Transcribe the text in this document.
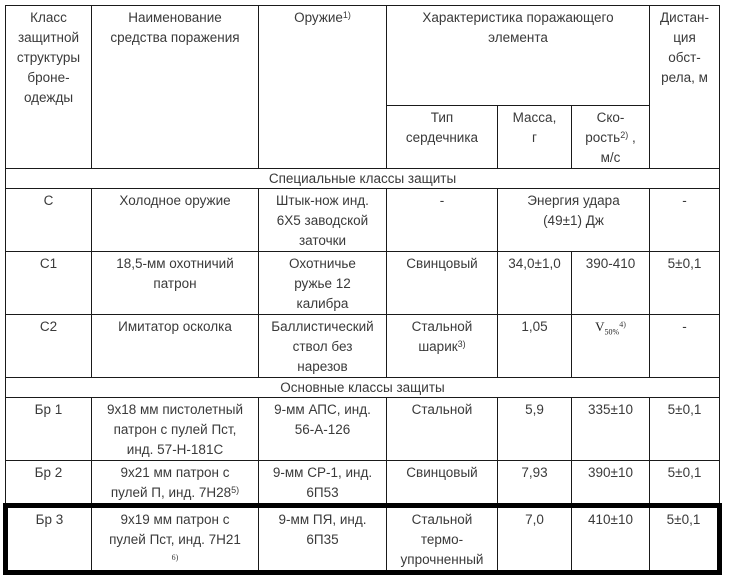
Класс
защитной
структуры
броне-
одежды	Наименование
средства поражения	Оружие$^{1)}$	Характеристика поражающего
элемента			Дистан-
ция
обст-
рела, м
			Тип
сердечника	Масса,
г	Ско-
рость$^{2)}$ ,
м/с	
Специальные классы защиты						
С	Холодное оружие	Штык-нож инд.
6Х5 заводской
заточки	-	Энергия удара
(49±1) Дж		-
С1	18,5-мм охотничий
патрон	Охотничье
ружье 12
калибра	Свинцовый	34,0±1,0	390-410	5±0,1
С2	Имитатор осколка	Баллистический
ствол без
нарезов	Стальной
шарик$^{3)}$	1,05	$V_{50\%}^{4)}$	-
Основные классы защиты						
Бр 1	9х18 мм пистолетный
патрон с пулей Пст,
инд. 57-Н-181С	9-мм АПС, инд.
56-А-126	Стальной	5,9	335±10	5±0,1
Бр 2	9х21 мм патрон с
пулей П, инд. 7Н28$^{5)}$	9-мм СР-1, инд.
6П53	Свинцовый	7,93	390±10	5±0,1
Бр 3	9х19 мм патрон с
пулей Пст, инд. 7Н21
$^{6)}$	9-мм ПЯ, инд.
6П35	Стальной
термо-
упрочненный	7,0	410±10	5±0,1
